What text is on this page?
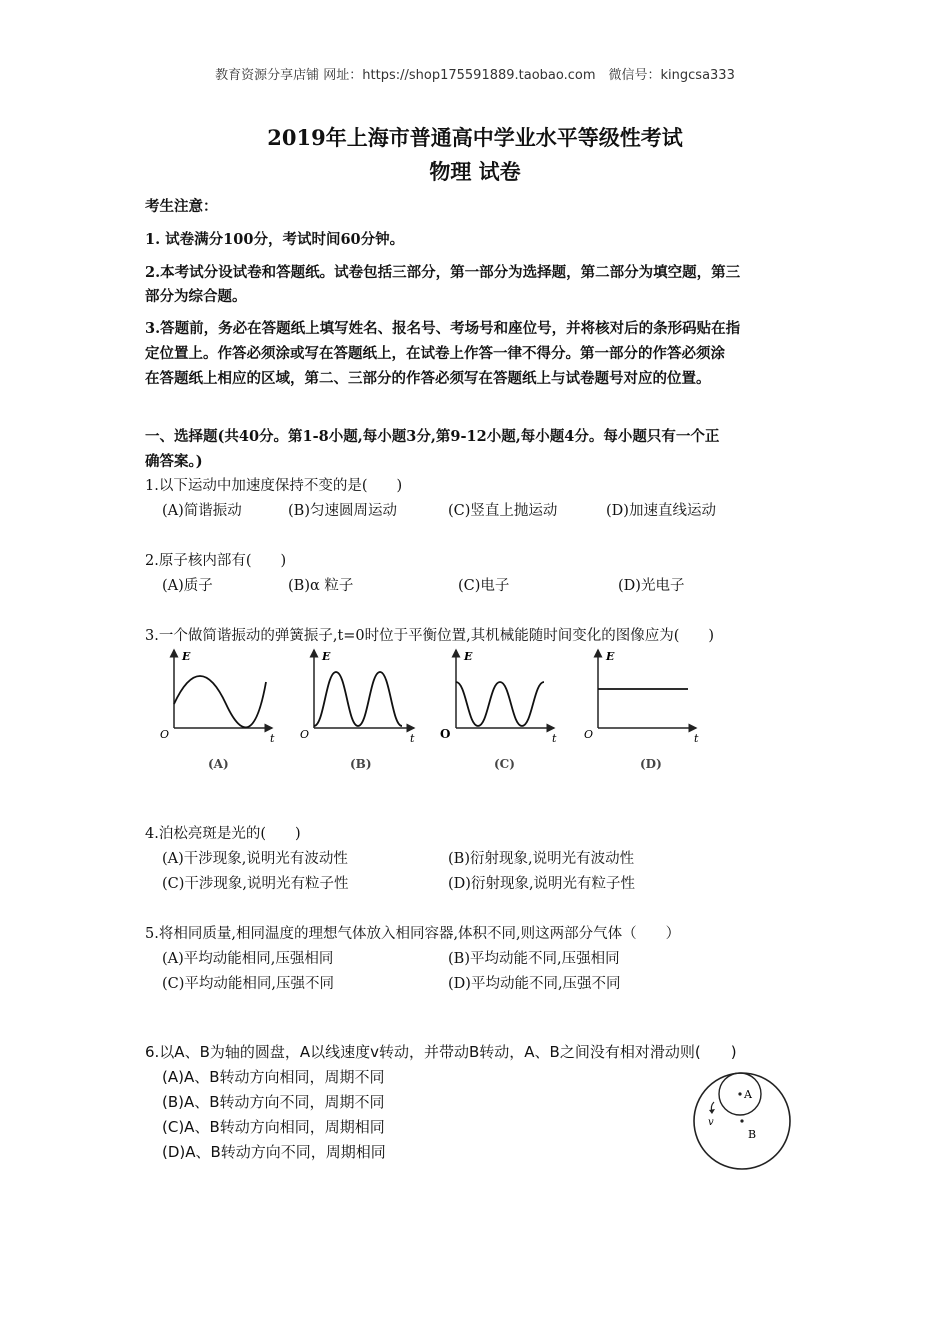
教育资源分享店铺 网址：https://shop175591889.taobao.com　微信号：kingcsa333
2019年上海市普通高中学业水平等级性考试
物理 试卷
考生注意：
1. 试卷满分100分，考试时间60分钟。
2.本考试分设试卷和答题纸。试卷包括三部分，第一部分为选择题，第二部分为填空题，第三
部分为综合题。
3.答题前，务必在答题纸上填写姓名、报名号、考场号和座位号，并将核对后的条形码贴在指
定位置上。作答必须涂或写在答题纸上，在试卷上作答一律不得分。第一部分的作答必须涂
在答题纸上相应的区域，第二、三部分的作答必须写在答题纸上与试卷题号对应的位置。
一、选择题(共40分。第1-8小题,每小题3分,第9-12小题,每小题4分。每小题只有一个正
确答案。)
1.以下运动中加速度保持不变的是(　　)
(A)简谐振动	(B)匀速圆周运动	(C)竖直上抛运动	(D)加速直线运动
2.原子核内部有(　　)
(A)质子	(B)α 粒子	(C)电子	(D)光电子
3.一个做简谐振动的弹簧振子,t=0时位于平衡位置,其机械能随时间变化的图像应为(　　)
E
O	t
(A)
E
O	t
(B)
E
O	t
(C)
E
O	t
(D)
4.泊松亮斑是光的(　　)
(A)干涉现象,说明光有波动性	(B)衍射现象,说明光有波动性
(C)干涉现象,说明光有粒子性	(D)衍射现象,说明光有粒子性
5.将相同质量,相同温度的理想气体放入相同容器,体积不同,则这两部分气体（　　）
(A)平均动能相同,压强相同	(B)平均动能不同,压强相同
(C)平均动能相同,压强不同	(D)平均动能不同,压强不同
6.以A、B为轴的圆盘，A以线速度v转动，并带动B转动，A、B之间没有相对滑动则(　　)
(A)A、B转动方向相同，周期不同
(B)A、B转动方向不同，周期不同
(C)A、B转动方向相同，周期相同
(D)A、B转动方向不同，周期相同
A
B
v
